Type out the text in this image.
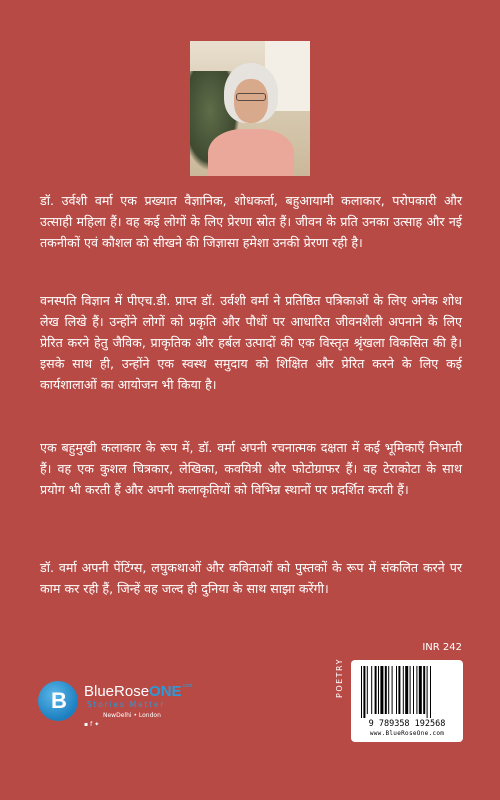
डॉ. उर्वशी वर्मा एक प्रख्यात वैज्ञानिक, शोधकर्ता, बहुआयामी कलाकार, परोपकारी और उत्साही महिला हैं। वह कई लोगों के लिए प्रेरणा स्रोत हैं। जीवन के प्रति उनका उत्साह और नई तकनीकों एवं कौशल को सीखने की जिज्ञासा हमेशा उनकी प्रेरणा रही है।
वनस्पति विज्ञान में पीएच.डी. प्राप्त डॉ. उर्वशी वर्मा ने प्रतिष्ठित पत्रिकाओं के लिए अनेक शोध लेख लिखे हैं। उन्होंने लोगों को प्रकृति और पौधों पर आधारित जीवनशैली अपनाने के लिए प्रेरित करने हेतु जैविक, प्राकृतिक और हर्बल उत्पादों की एक विस्तृत श्रृंखला विकसित की है। इसके साथ ही, उन्होंने एक स्वस्थ समुदाय को शिक्षित और प्रेरित करने के लिए कई कार्यशालाओं का आयोजन भी किया है।
एक बहुमुखी कलाकार के रूप में, डॉ. वर्मा अपनी रचनात्मक दक्षता में कई भूमिकाएँ निभाती हैं। वह एक कुशल चित्रकार, लेखिका, कवयित्री और फोटोग्राफर हैं। वह टेराकोटा के साथ प्रयोग भी करती हैं और अपनी कलाकृतियों को विभिन्न स्थानों पर प्रदर्शित करती हैं।
डॉ. वर्मा अपनी पेंटिंग्स, लघुकथाओं और कविताओं को पुस्तकों के रूप में संकलित करने पर काम कर रही हैं, जिन्हें वह जल्द ही दुनिया के साथ साझा करेंगी।
INR 242
POETRY
9 789358 192568
www.BlueRoseOne.com
B BlueRoseONE$^{.com}$
Stories Matter
NewDelhi • London
▪ f ✦
